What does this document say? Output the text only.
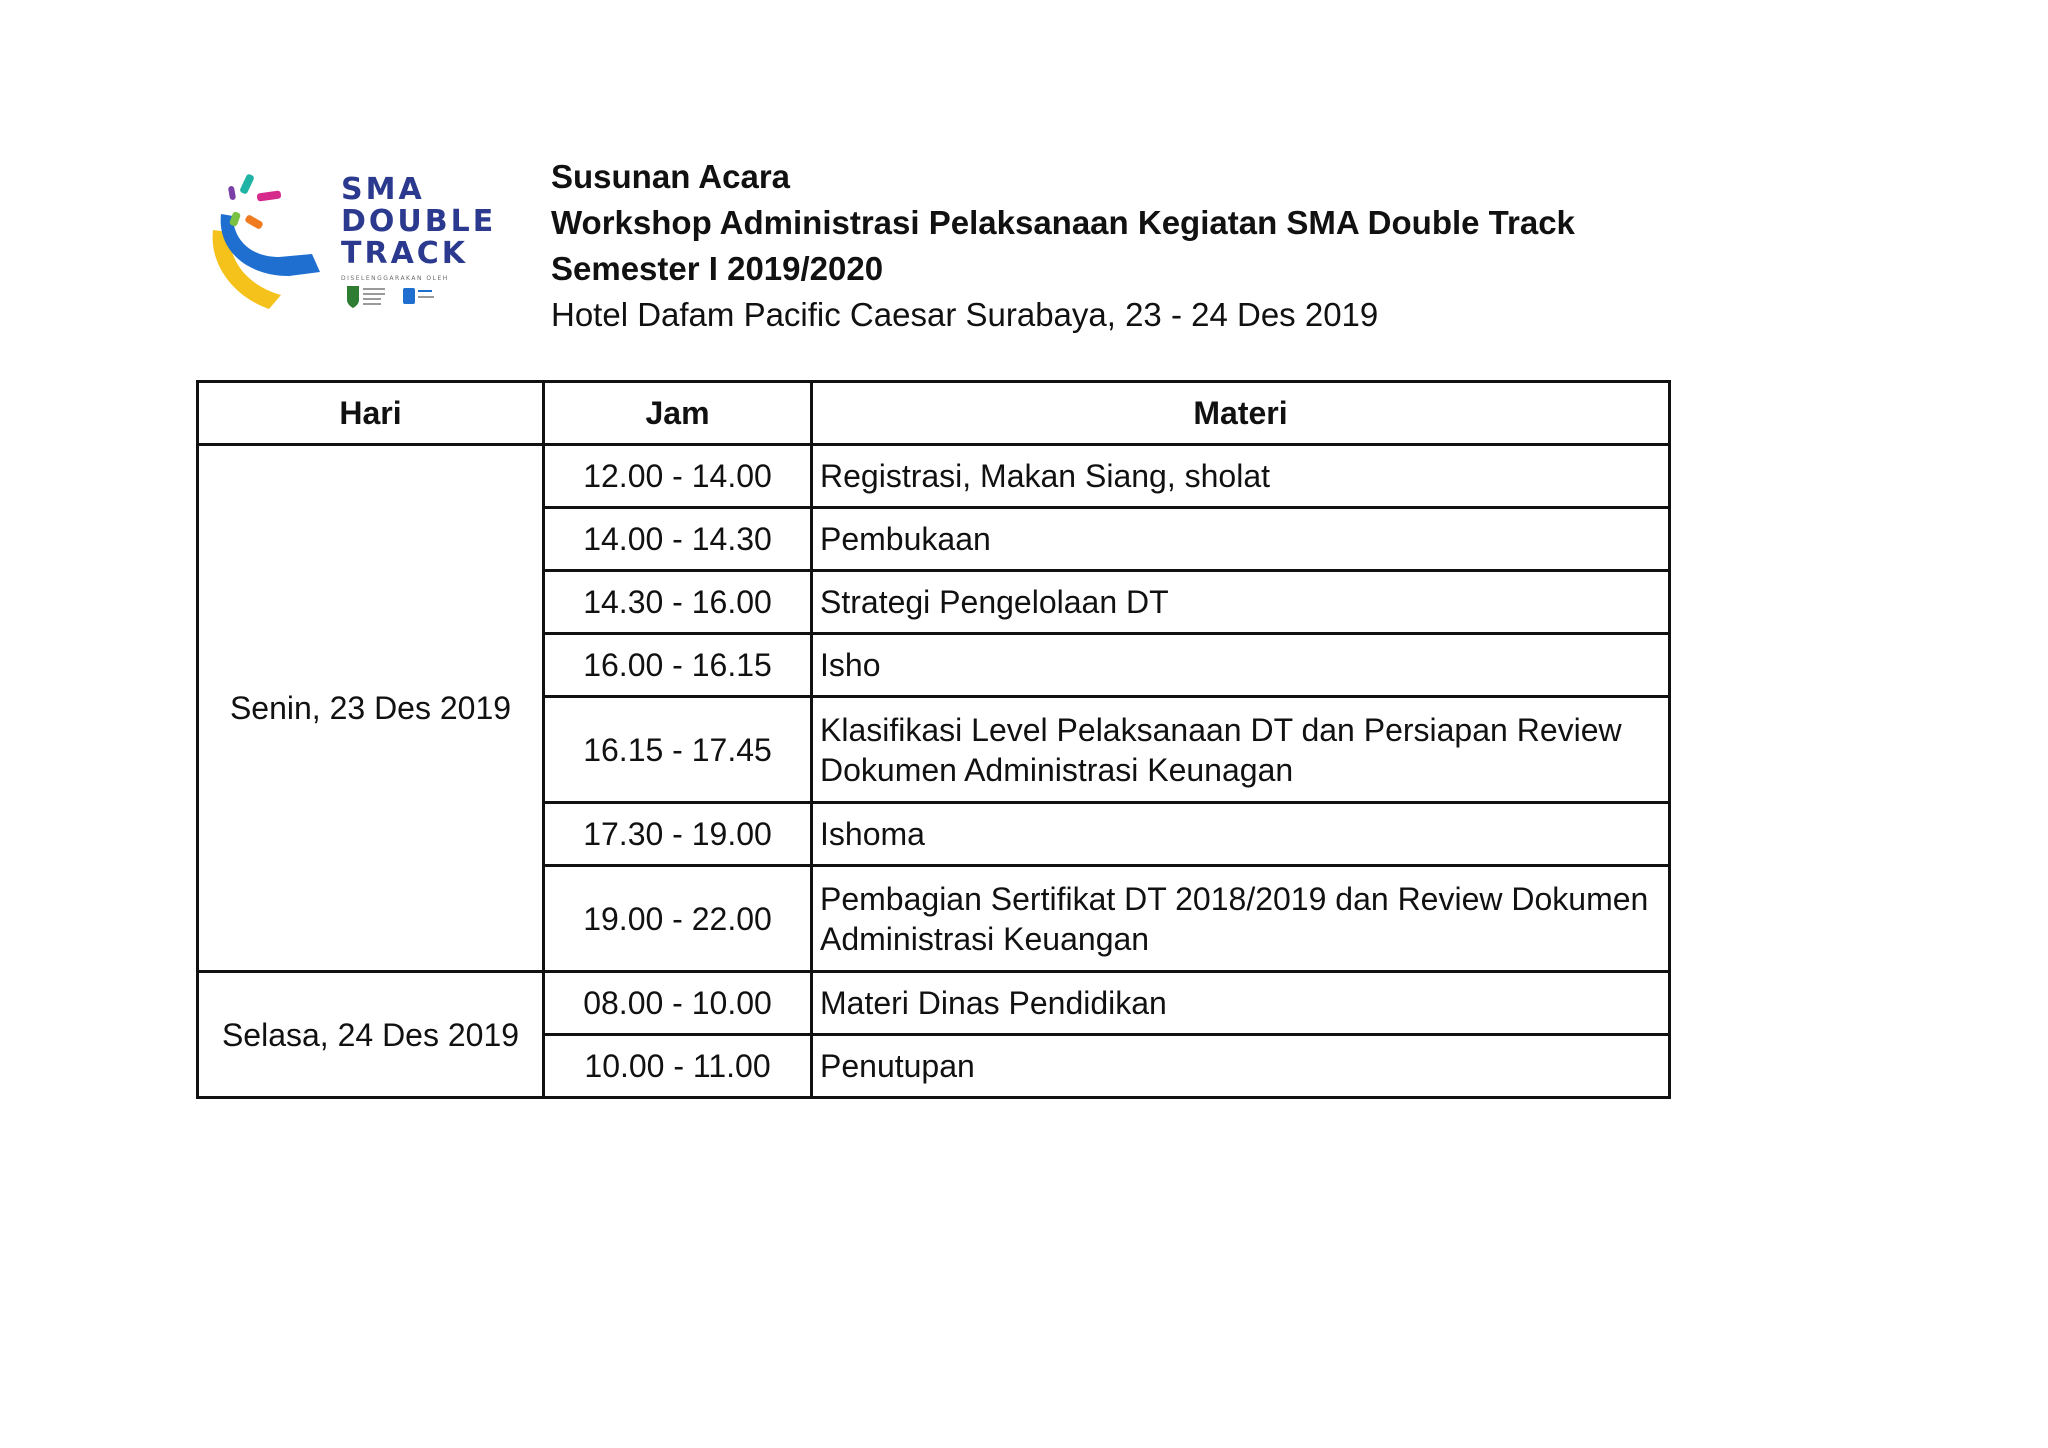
SMA
DOUBLE
TRACK
DISELENGGARAKAN OLEH
Susunan Acara
Workshop Administrasi Pelaksanaan Kegiatan SMA Double Track
Semester I 2019/2020
Hotel Dafam Pacific Caesar Surabaya, 23 - 24 Des 2019
Hari	Jam	Materi
Senin, 23 Des 2019	12.00 - 14.00	Registrasi, Makan Siang, sholat
	14.00 - 14.30	Pembukaan
	14.30 - 16.00	Strategi Pengelolaan DT
	16.00 - 16.15	Isho
	16.15 - 17.45	Klasifikasi Level Pelaksanaan DT dan Persiapan Review Dokumen Administrasi Keunagan
	17.30 - 19.00	Ishoma
	19.00 - 22.00	Pembagian Sertifikat DT 2018/2019 dan Review Dokumen Administrasi Keuangan
Selasa, 24 Des 2019	08.00 - 10.00	Materi Dinas Pendidikan
	10.00 - 11.00	Penutupan
